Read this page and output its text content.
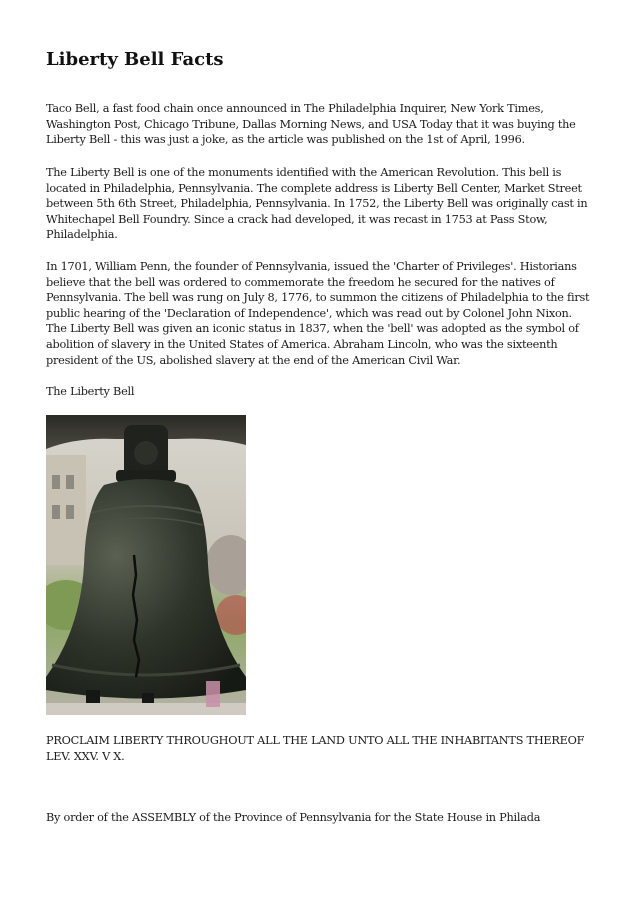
Liberty Bell Facts

Taco Bell, a fast food chain once announced in The Philadelphia Inquirer, New York Times, Washington Post, Chicago Tribune, Dallas Morning News, and USA Today that it was buying the Liberty Bell - this was just a joke, as the article was published on the 1st of April, 1996.

The Liberty Bell is one of the monuments identified with the American Revolution. This bell is located in Philadelphia, Pennsylvania. The complete address is Liberty Bell Center, Market Street between 5th 6th Street, Philadelphia, Pennsylvania. In 1752, the Liberty Bell was originally cast in Whitechapel Bell Foundry. Since a crack had developed, it was recast in 1753 at Pass Stow, Philadelphia.

In 1701, William Penn, the founder of Pennsylvania, issued the 'Charter of Privileges'. Historians believe that the bell was ordered to commemorate the freedom he secured for the natives of Pennsylvania. The bell was rung on July 8, 1776, to summon the citizens of Philadelphia to the first public hearing of the 'Declaration of Independence', which was read out by Colonel John Nixon. The Liberty Bell was given an iconic status in 1837, when the 'bell' was adopted as the symbol of abolition of slavery in the United States of America. Abraham Lincoln, who was the sixteenth president of the US, abolished slavery at the end of the American Civil War.

The Liberty Bell

PROCLAIM LIBERTY THROUGHOUT ALL THE LAND UNTO ALL THE INHABITANTS THEREOF LEV. XXV. V X.

By order of the ASSEMBLY of the Province of Pennsylvania for the State House in Philada
